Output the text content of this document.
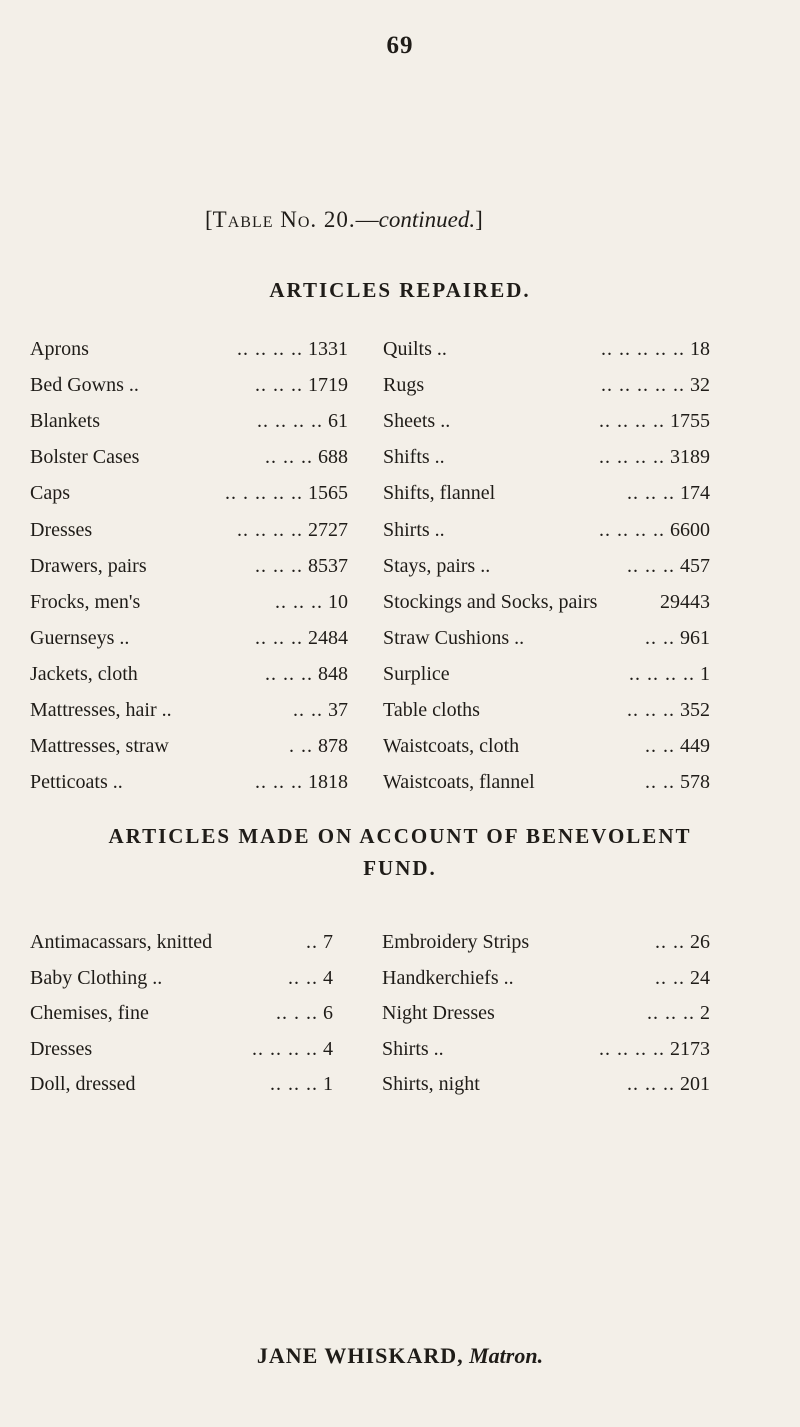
69
[Table No. 20.—continued.]
ARTICLES REPAIRED.
Aprons	.. .. .. .. 1331
Bed Gowns ..	.. .. .. 1719
Blankets	.. .. .. .. 61
Bolster Cases	.. .. .. 688
Caps	.. . .. .. .. 1565
Dresses	.. .. .. .. 2727
Drawers, pairs	.. .. .. 8537
Frocks, men's	.. .. .. 10
Guernseys ..	.. .. .. 2484
Jackets, cloth	.. .. .. 848
Mattresses, hair ..	.. .. 37
Mattresses, straw	. .. 878
Petticoats ..	.. .. .. 1818
Quilts ..	.. .. .. .. .. 18
Rugs	.. .. .. .. .. 32
Sheets ..	.. .. .. .. 1755
Shifts ..	.. .. .. .. 3189
Shifts, flannel	.. .. .. 174
Shirts ..	.. .. .. .. 6600
Stays, pairs ..	.. .. .. 457
Stockings and Socks, pairs	29443
Straw Cushions ..	.. .. 961
Surplice	.. .. .. .. 1
Table cloths	.. .. .. 352
Waistcoats, cloth	.. .. 449
Waistcoats, flannel	.. .. 578
ARTICLES MADE ON ACCOUNT OF BENEVOLENT
FUND.
Antimacassars, knitted	.. 7
Baby Clothing ..	.. .. 4
Chemises, fine	.. . .. 6
Dresses	.. .. .. .. 4
Doll, dressed	.. .. .. 1
Embroidery Strips	.. .. 26
Handkerchiefs ..	.. .. 24
Night Dresses	.. .. .. 2
Shirts ..	.. .. .. .. 2173
Shirts, night	.. .. .. 201
JANE WHISKARD, Matron.
